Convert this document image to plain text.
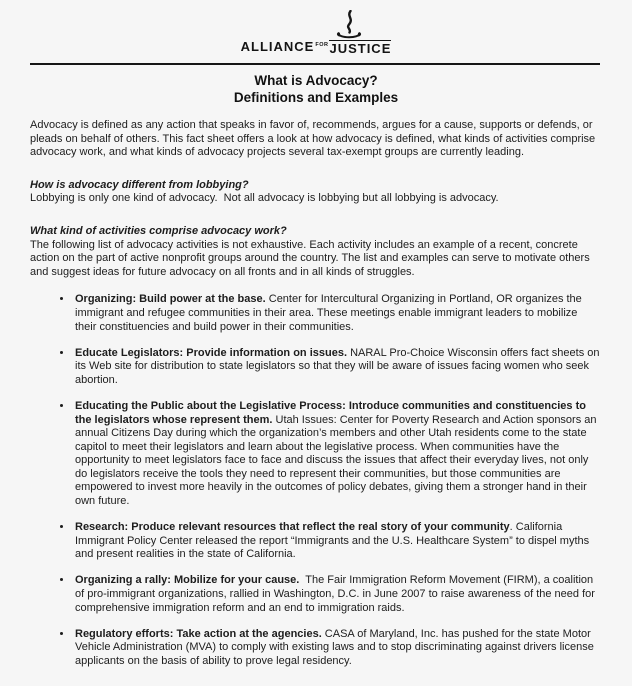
$ALLIANCE^{FOR}JUSTICE$
What is Advocacy?
Definitions and Examples

Advocacy is defined as any action that speaks in favor of, recommends, argues for a cause, supports or defends, or pleads on behalf of others. This fact sheet offers a look at how advocacy is defined, what kinds of activities comprise advocacy work, and what kinds of advocacy projects several tax-exempt groups are currently leading.

How is advocacy different from lobbying?
Lobbying is only one kind of advocacy.  Not all advocacy is lobbying but all lobbying is advocacy.
What kind of activities comprise advocacy work?
The following list of advocacy activities is not exhaustive. Each activity includes an example of a recent, concrete action on the part of active nonprofit groups around the country. The list and examples can serve to motivate others and suggest ideas for future advocacy on all fronts and in all kinds of struggles.
• Organizing: Build power at the base. Center for Intercultural Organizing in Portland, OR organizes the immigrant and refugee communities in their area. These meetings enable immigrant leaders to mobilize their constituencies and build power in their communities.
• Educate Legislators: Provide information on issues. NARAL Pro-Choice Wisconsin offers fact sheets on its Web site for distribution to state legislators so that they will be aware of issues facing women who seek abortion.
• Educating the Public about the Legislative Process: Introduce communities and constituencies to the legislators whose represent them. Utah Issues: Center for Poverty Research and Action sponsors an annual Citizens Day during which the organization’s members and other Utah residents come to the state capitol to meet their legislators and learn about the legislative process. When communities have the opportunity to meet legislators face to face and discuss the issues that affect their everyday lives, not only do legislators receive the tools they need to represent their communities, but those communities are empowered to invest more heavily in the outcomes of policy debates, giving them a stronger hand in their own future.
• Research: Produce relevant resources that reflect the real story of your community. California Immigrant Policy Center released the report “Immigrants and the U.S. Healthcare System” to dispel myths and present realities in the state of California.
• Organizing a rally: Mobilize for your cause.  The Fair Immigration Reform Movement (FIRM), a coalition of pro-immigrant organizations, rallied in Washington, D.C. in June 2007 to raise awareness of the need for comprehensive immigration reform and an end to immigration raids.
• Regulatory efforts: Take action at the agencies. CASA of Maryland, Inc. has pushed for the state Motor Vehicle Administration (MVA) to comply with existing laws and to stop discriminating against drivers license applicants on the basis of ability to prove legal residency.
